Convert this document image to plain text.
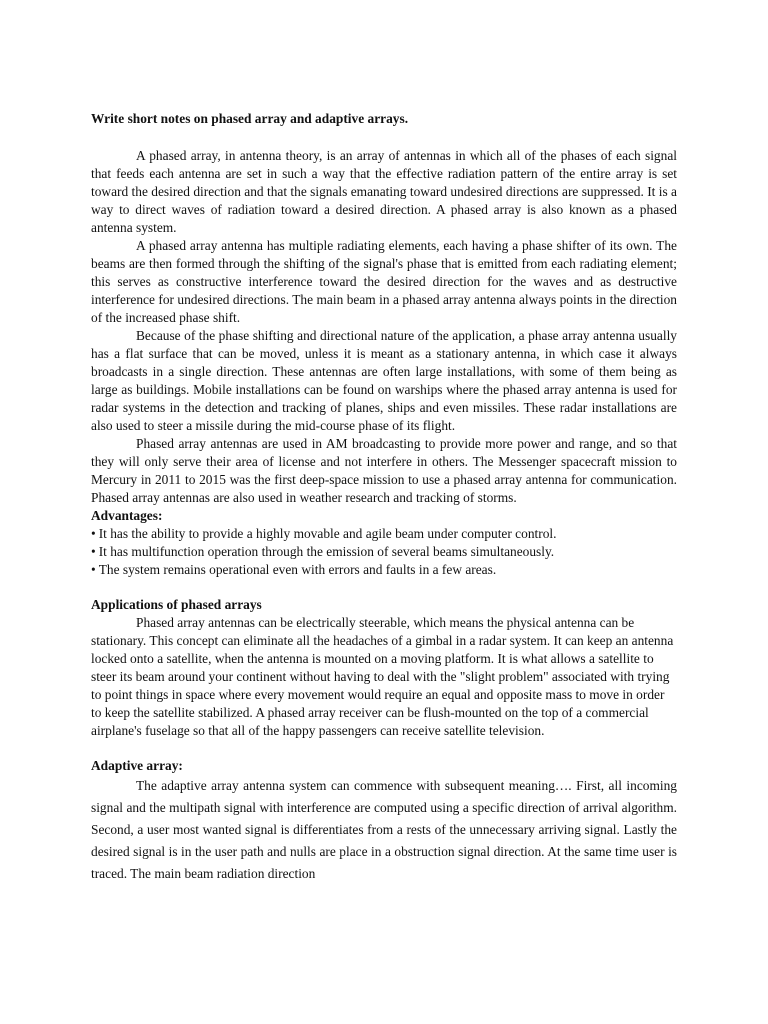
Write short notes on phased array and adaptive arrays.

A phased array, in antenna theory, is an array of antennas in which all of the phases of each signal that feeds each antenna are set in such a way that the effective radiation pattern of the entire array is set toward the desired direction and that the signals emanating toward undesired directions are suppressed. It is a way to direct waves of radiation toward a desired direction. A phased array is also known as a phased antenna system.

A phased array antenna has multiple radiating elements, each having a phase shifter of its own. The beams are then formed through the shifting of the signal's phase that is emitted from each radiating element; this serves as constructive interference toward the desired direction for the waves and as destructive interference for undesired directions. The main beam in a phased array antenna always points in the direction of the increased phase shift.

Because of the phase shifting and directional nature of the application, a phase array antenna usually has a flat surface that can be moved, unless it is meant as a stationary antenna, in which case it always broadcasts in a single direction. These antennas are often large installations, with some of them being as large as buildings. Mobile installations can be found on warships where the phased array antenna is used for radar systems in the detection and tracking of planes, ships and even missiles. These radar installations are also used to steer a missile during the mid-course phase of its flight.

Phased array antennas are used in AM broadcasting to provide more power and range, and so that they will only serve their area of license and not interfere in others. The Messenger spacecraft mission to Mercury in 2011 to 2015 was the first deep-space mission to use a phased array antenna for communication. Phased array antennas are also used in weather research and tracking of storms.

Advantages:

• It has the ability to provide a highly movable and agile beam under computer control.
• It has multifunction operation through the emission of several beams simultaneously.
• The system remains operational even with errors and faults in a few areas.

Applications of phased arrays

Phased array antennas can be electrically steerable, which means the physical antenna can be stationary. This concept can eliminate all the headaches of a gimbal in a radar system. It can keep an antenna locked onto a satellite, when the antenna is mounted on a moving platform. It is what allows a satellite to steer its beam around your continent without having to deal with the "slight problem" associated with trying to point things in space where every movement would require an equal and opposite mass to move in order to keep the satellite stabilized. A phased array receiver can be flush-mounted on the top of a commercial airplane's fuselage so that all of the happy passengers can receive satellite television.

Adaptive array:

The adaptive array antenna system can commence with subsequent meaning…. First, all incoming signal and the multipath signal with interference are computed using a specific direction of arrival algorithm. Second, a user most wanted signal is differentiates from a rests of the unnecessary arriving signal. Lastly the desired signal is in the user path and nulls are place in a obstruction signal direction. At the same time user is traced. The main beam radiation direction
